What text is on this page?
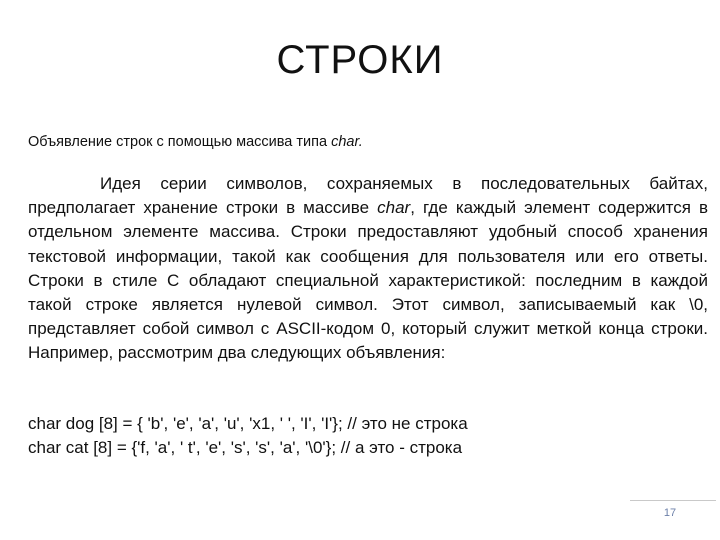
СТРОКИ

Объявление строк с помощью массива типа char.

Идея серии символов, сохраняемых в последовательных байтах, предполагает хранение строки в массиве char, где каждый элемент содержится в отдельном элементе массива. Строки предоставляют удобный способ хранения текстовой информации, такой как сообщения для пользователя или его ответы. Строки в стиле С обладают специальной характеристикой: последним в каждой такой строке является нулевой символ. Этот символ, записываемый как \0, представляет собой символ с ASCII-кодом 0, который служит меткой конца строки. Например, рассмотрим два следующих объявления:

char dog [8] = { 'b', 'e', 'a', 'u', 'x1, ' ', 'I', 'I'}; // это не строка
char cat [8] = {'f, 'a', ' t', 'e', 's', 's', 'a', '\0'}; // а это - строка
17
